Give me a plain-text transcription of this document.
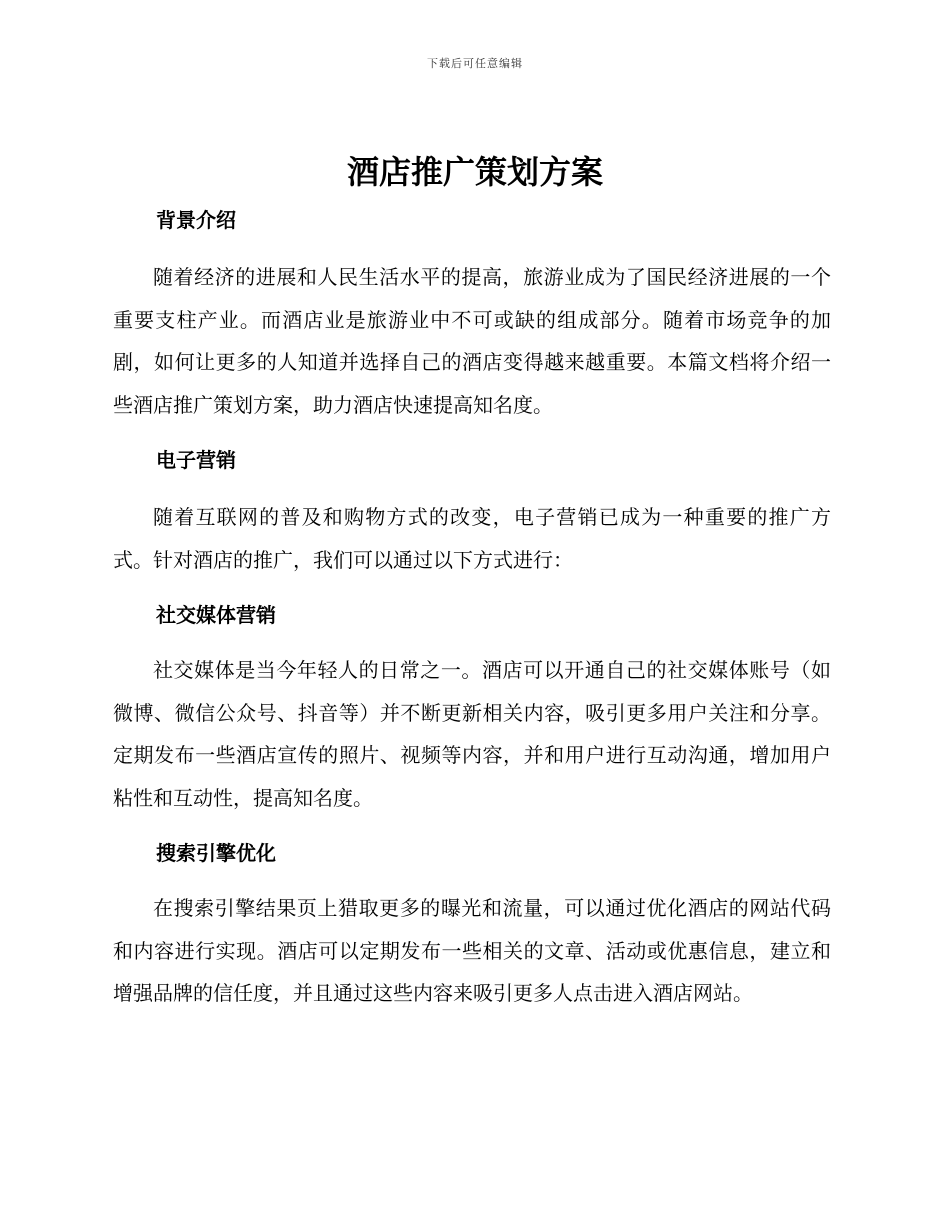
下载后可任意编辑
酒店推广策划方案
背景介绍

随着经济的进展和人民生活水平的提高，旅游业成为了国民经济进展的一个重要支柱产业。而酒店业是旅游业中不可或缺的组成部分。随着市场竞争的加剧，如何让更多的人知道并选择自己的酒店变得越来越重要。本篇文档将介绍一些酒店推广策划方案，助力酒店快速提高知名度。

电子营销

随着互联网的普及和购物方式的改变，电子营销已成为一种重要的推广方式。针对酒店的推广，我们可以通过以下方式进行：

社交媒体营销

社交媒体是当今年轻人的日常之一。酒店可以开通自己的社交媒体账号（如微博、微信公众号、抖音等）并不断更新相关内容，吸引更多用户关注和分享。定期发布一些酒店宣传的照片、视频等内容，并和用户进行互动沟通，增加用户粘性和互动性，提高知名度。

搜索引擎优化

在搜索引擎结果页上猎取更多的曝光和流量，可以通过优化酒店的网站代码和内容进行实现。酒店可以定期发布一些相关的文章、活动或优惠信息，建立和增强品牌的信任度，并且通过这些内容来吸引更多人点击进入酒店网站。
